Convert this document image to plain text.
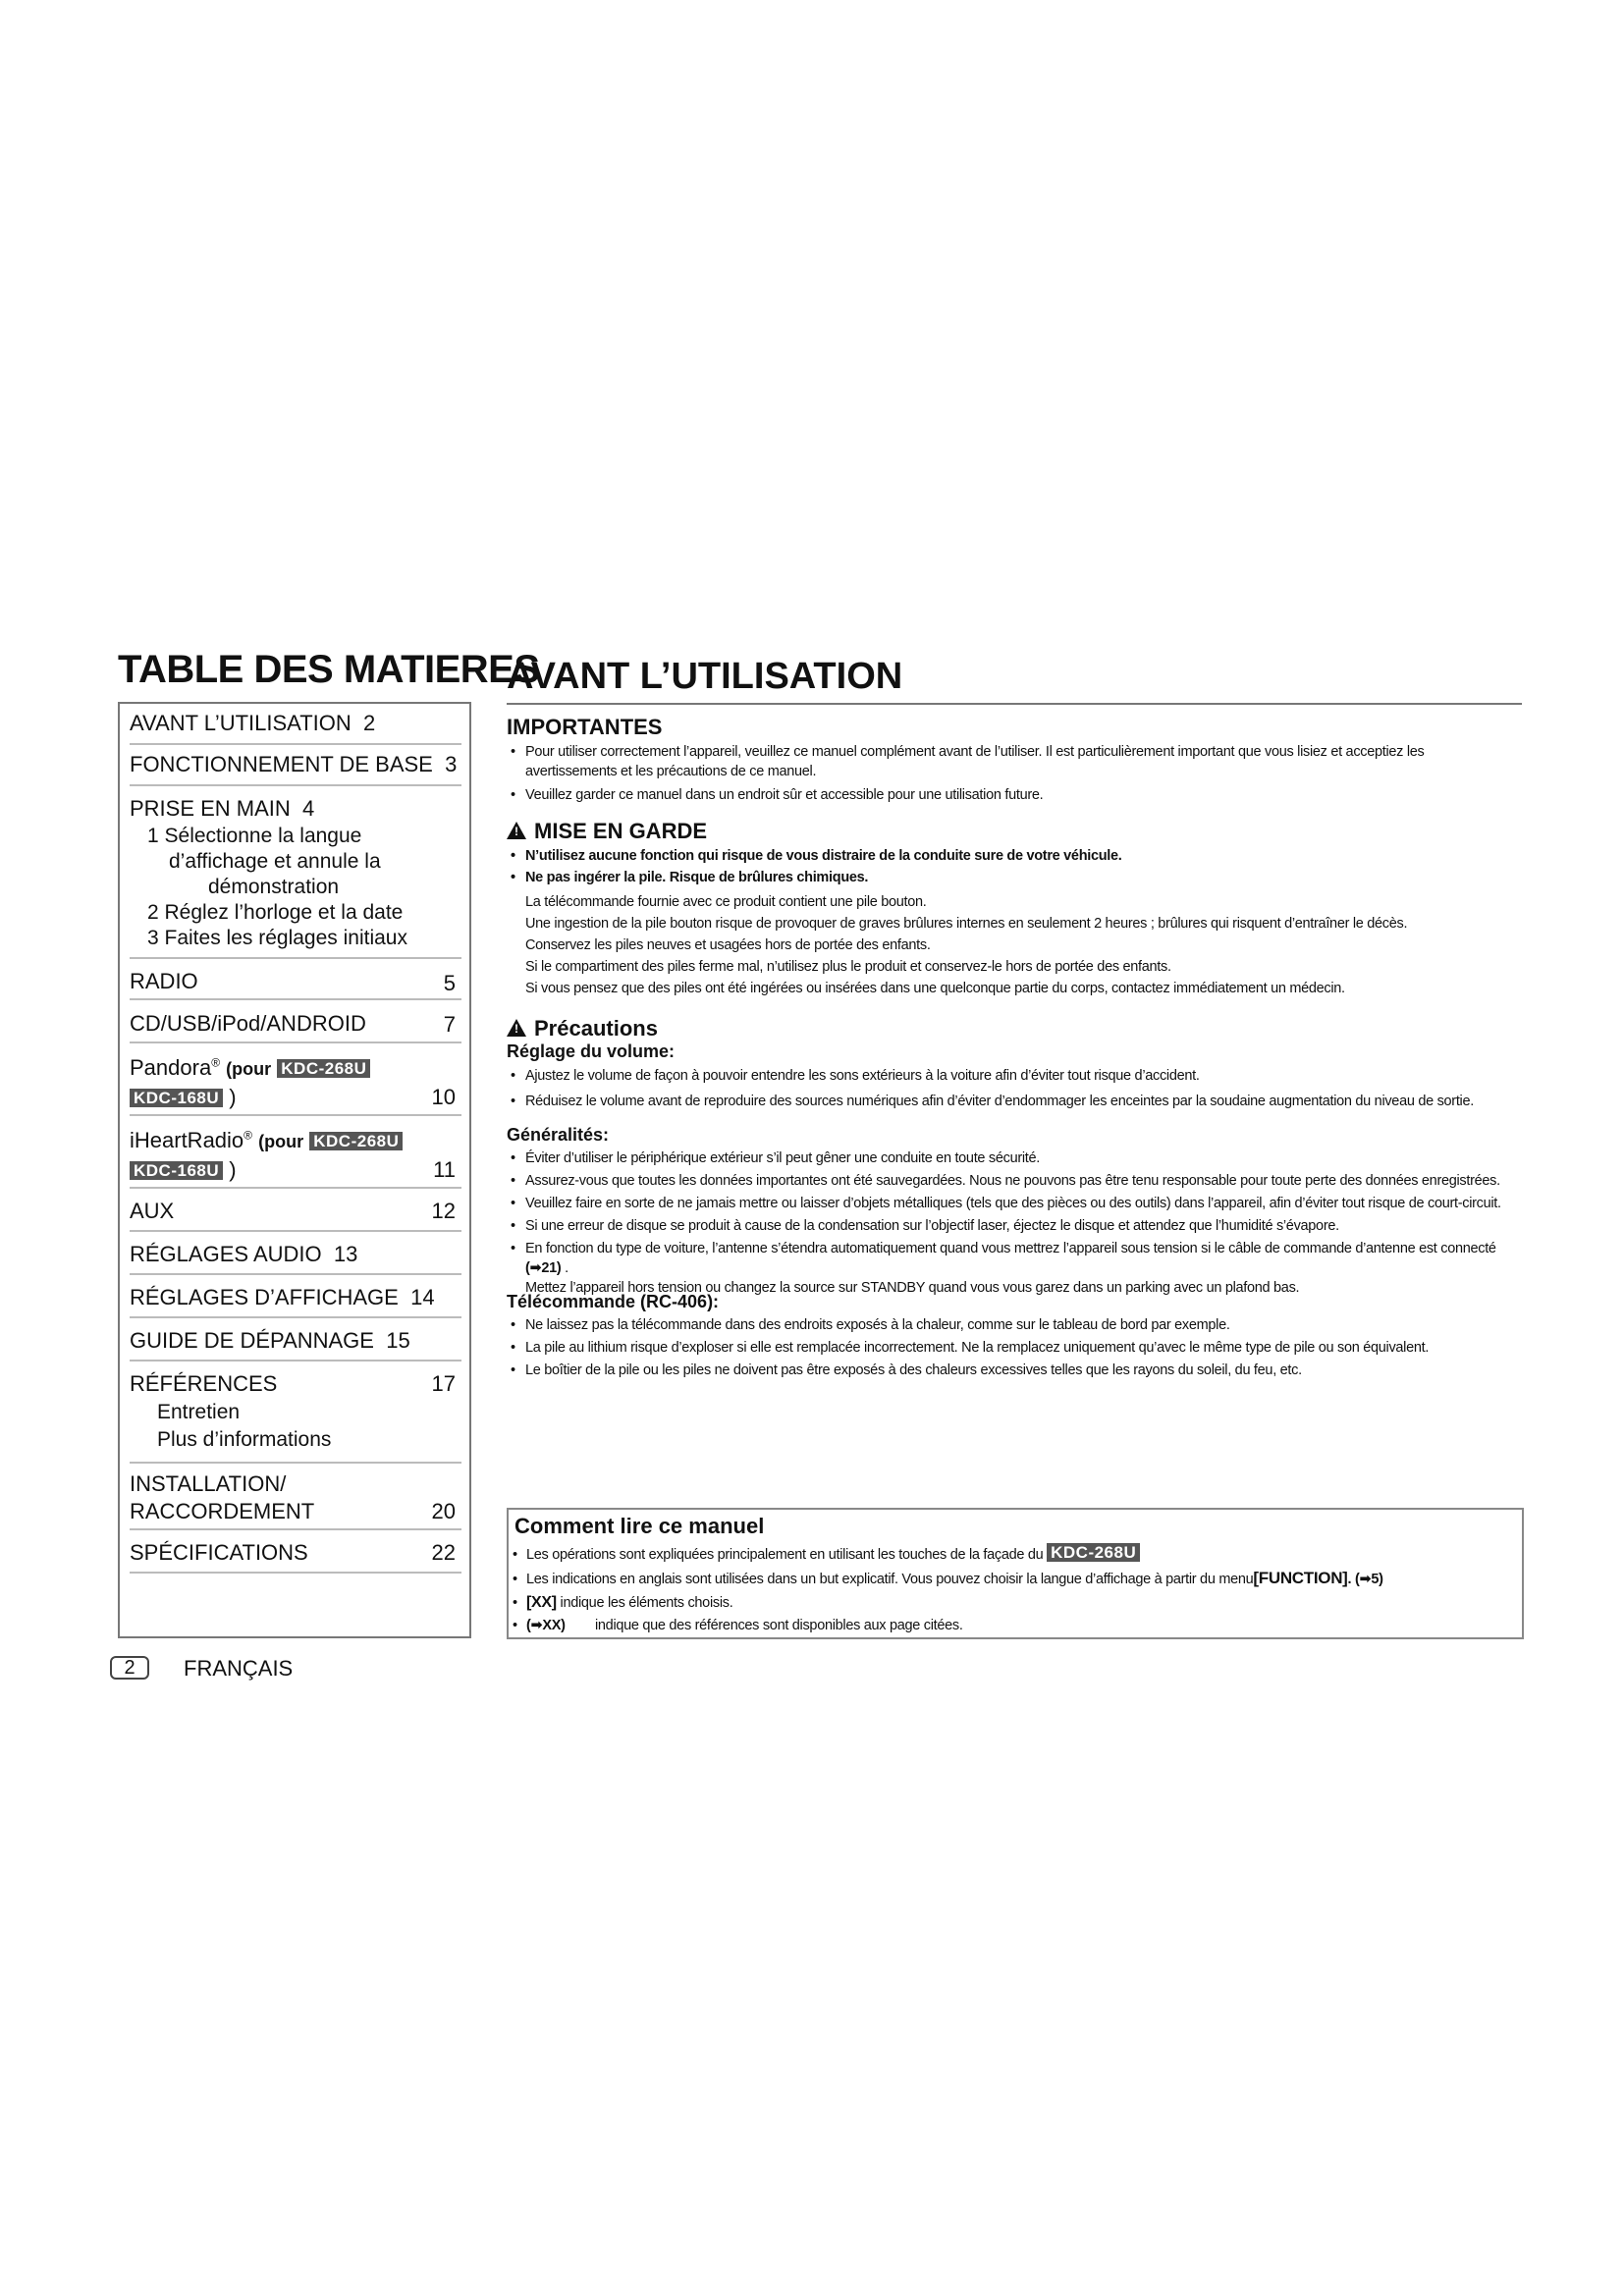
TABLE DES MATIERES
AVANT L’UTILISATION 2
FONCTIONNEMENT DE BASE 3
PRISE EN MAIN 4
1 Sélectionne la langue
d’affichage et annule la
démonstration
2 Réglez l’horloge et la date
3 Faites les réglages initiaux
RADIO	5
CD/USB/iPod/ANDROID	7
Pandora® (pour KDC-268U
KDC-168U )	10
iHeartRadio® (pour KDC-268U
KDC-168U )	11
AUX	12
RÉGLAGES AUDIO 13
RÉGLAGES D’AFFICHAGE 14
GUIDE DE DÉPANNAGE 15
RÉFÉRENCES	17
Entretien
Plus d’informations
INSTALLATION/
RACCORDEMENT	20
SPÉCIFICATIONS	22
AVANT L’UTILISATION
IMPORTANTES
• Pour utiliser correctement l’appareil, veuillez ce manuel complément avant de l’utiliser. Il est particulièrement important que vous lisiez et acceptiez les avertissements et les précautions de ce manuel.
• Veuillez garder ce manuel dans un endroit sûr et accessible pour une utilisation future.
!MISE EN GARDE
• N’utilisez aucune fonction qui risque de vous distraire de la conduite sure de votre véhicule.
• Ne pas ingérer la pile. Risque de brûlures chimiques.
La télécommande fournie avec ce produit contient une pile bouton.
Une ingestion de la pile bouton risque de provoquer de graves brûlures internes en seulement 2 heures ; brûlures qui risquent d’entraîner le décès.
Conservez les piles neuves et usagées hors de portée des enfants.
Si le compartiment des piles ferme mal, n’utilisez plus le produit et conservez-le hors de portée des enfants.
Si vous pensez que des piles ont été ingérées ou insérées dans une quelconque partie du corps, contactez immédiatement un médecin.
!Précautions
Réglage du volume:
• Ajustez le volume de façon à pouvoir entendre les sons extérieurs à la voiture afin d’éviter tout risque d’accident.
• Réduisez le volume avant de reproduire des sources numériques afin d’éviter d’endommager les enceintes par la soudaine augmentation du niveau de sortie.
Généralités:
• Éviter d’utiliser le périphérique extérieur s’il peut gêner une conduite en toute sécurité.
• Assurez-vous que toutes les données importantes ont été sauvegardées. Nous ne pouvons pas être tenu responsable pour toute perte des données enregistrées.
• Veuillez faire en sorte de ne jamais mettre ou laisser d’objets métalliques (tels que des pièces ou des outils) dans l’appareil, afin d’éviter tout risque de court-circuit.
• Si une erreur de disque se produit à cause de la condensation sur l’objectif laser, éjectez le disque et attendez que l’humidité s’évapore.
• En fonction du type de voiture, l’antenne s’étendra automatiquement quand vous mettrez l’appareil sous tension si le câble de commande d’antenne est connecté (➡21) .
Mettez l’appareil hors tension ou changez la source sur STANDBY quand vous vous garez dans un parking avec un plafond bas.
Télécommande (RC-406):
• Ne laissez pas la télécommande dans des endroits exposés à la chaleur, comme sur le tableau de bord par exemple.
• La pile au lithium risque d’exploser si elle est remplacée incorrectement. Ne la remplacez uniquement qu’avec le même type de pile ou son équivalent.
• Le boîtier de la pile ou les piles ne doivent pas être exposés à des chaleurs excessives telles que les rayons du soleil, du feu, etc.
Comment lire ce manuel
• Les opérations sont expliquées principalement en utilisant les touches de la façade du KDC-268U
• Les indications en anglais sont utilisées dans un but explicatif. Vous pouvez choisir la langue d’affichage à partir du menu[FUNCTION]. (➡5)
• [XX] indique les éléments choisis.
• (➡XX) indique que des références sont disponibles aux page citées.
2	FRANÇAIS
